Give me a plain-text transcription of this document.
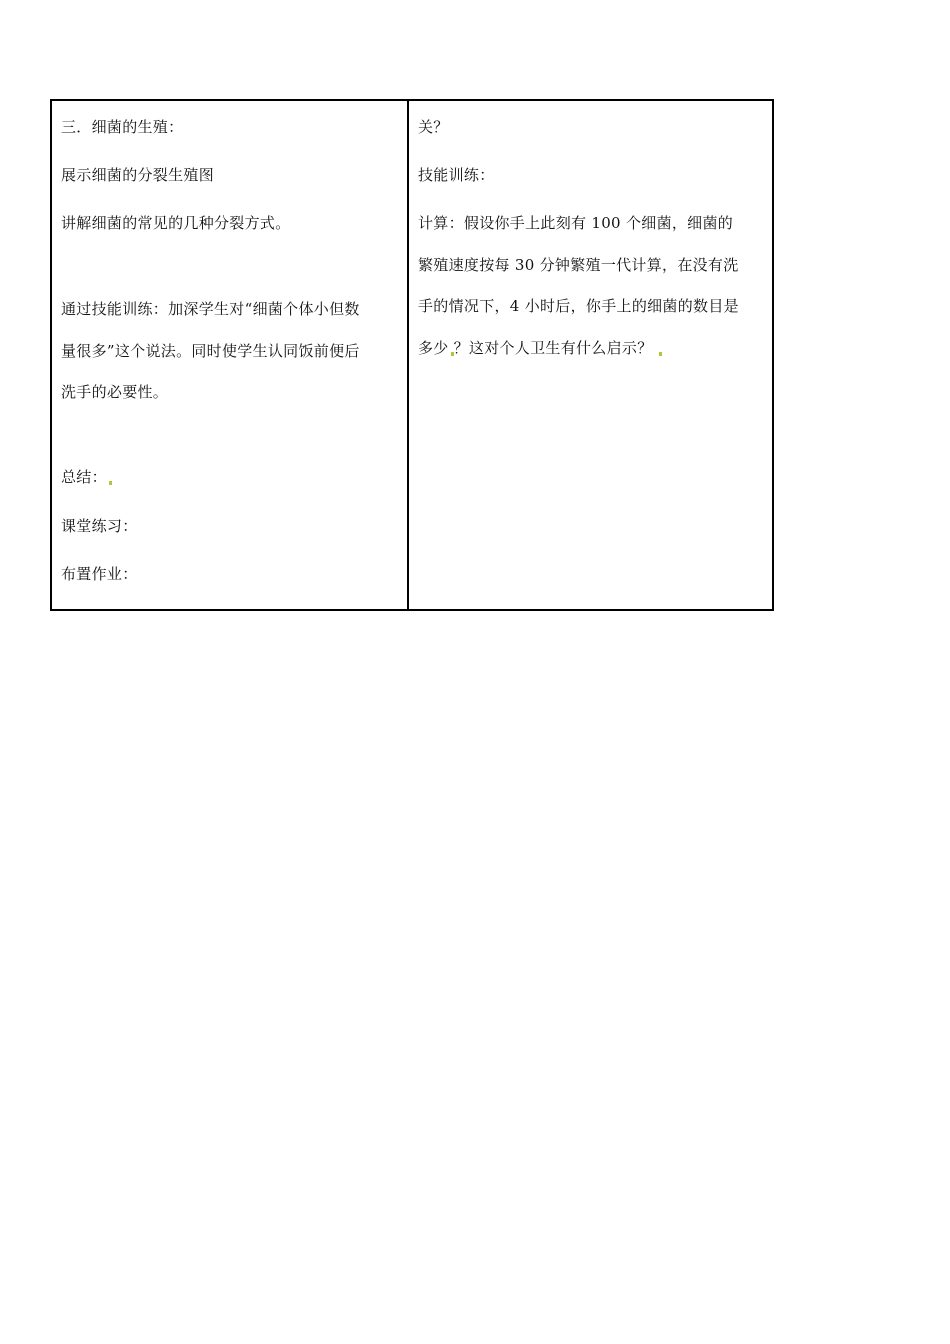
三．细菌的生殖：
展示细菌的分裂生殖图
讲解细菌的常见的几种分裂方式。
通过技能训练：加深学生对“细菌个体小但数
量很多”这个说法。同时使学生认同饭前便后
洗手的必要性。
总结：
课堂练习：
布置作业：
关？
技能训练：
计算：假设你手上此刻有 100 个细菌，细菌的
繁殖速度按每 30 分钟繁殖一代计算，在没有洗
手的情况下，4 小时后，你手上的细菌的数目是
多少 ？这对个人卫生有什么启示？
